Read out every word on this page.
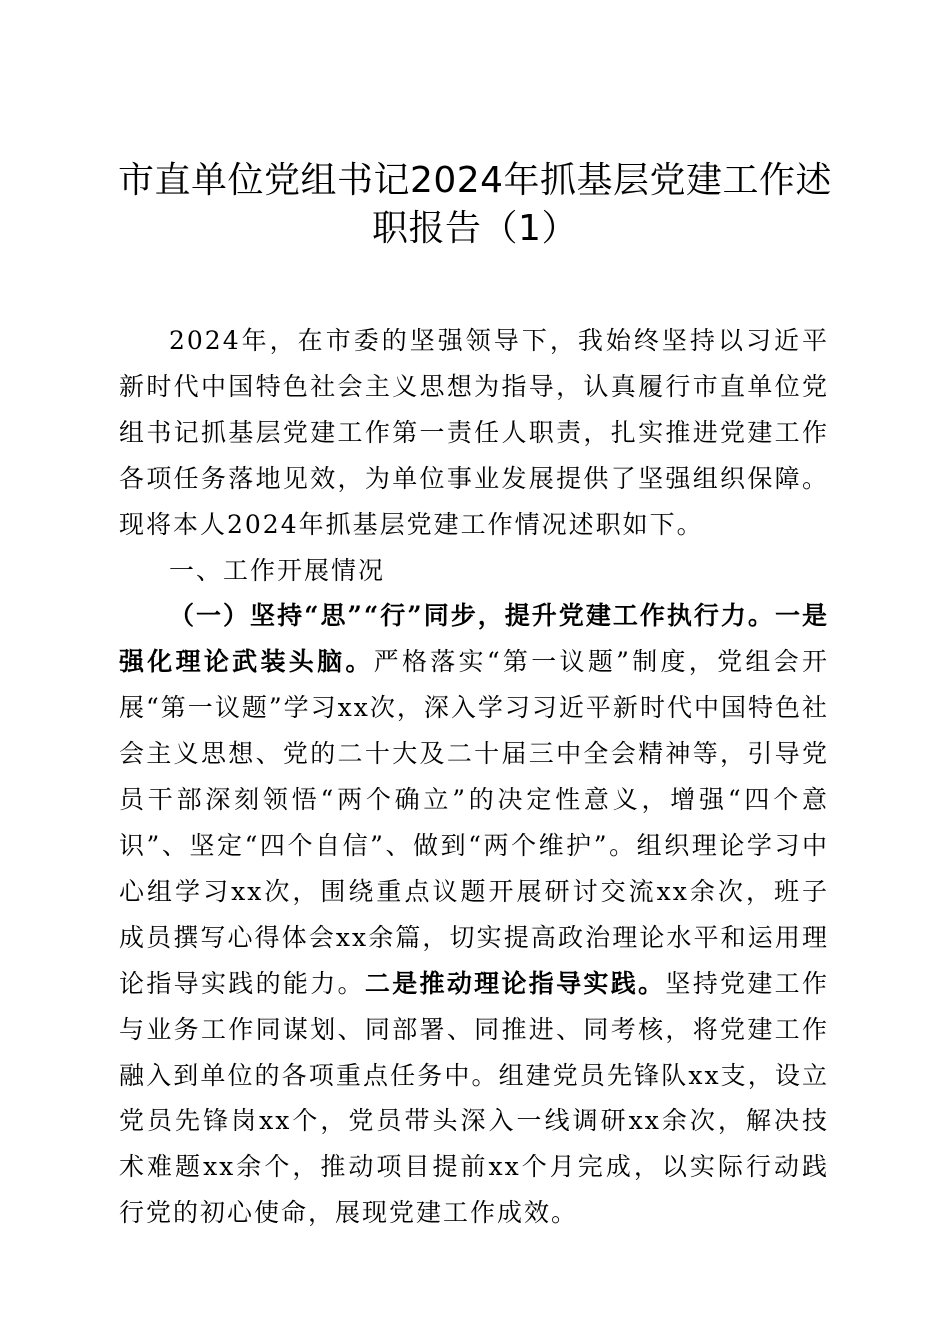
市直单位党组书记2024年抓基层党建工作述职报告（1）

2024年，在市委的坚强领导下，我始终坚持以习近平新时代中国特色社会主义思想为指导，认真履行市直单位党组书记抓基层党建工作第一责任人职责，扎实推进党建工作各项任务落地见效，为单位事业发展提供了坚强组织保障。现将本人2024年抓基层党建工作情况述职如下。

一、工作开展情况

（一）坚持“思”“行”同步，提升党建工作执行力。一是强化理论武装头脑。严格落实“第一议题”制度，党组会开展“第一议题”学习xx次，深入学习习近平新时代中国特色社会主义思想、党的二十大及二十届三中全会精神等，引导党员干部深刻领悟“两个确立”的决定性意义，增强“四个意识”、坚定“四个自信”、做到“两个维护”。组织理论学习中心组学习xx次，围绕重点议题开展研讨交流xx余次，班子成员撰写心得体会xx余篇，切实提高政治理论水平和运用理论指导实践的能力。二是推动理论指导实践。坚持党建工作与业务工作同谋划、同部署、同推进、同考核，将党建工作融入到单位的各项重点任务中。组建党员先锋队xx支，设立党员先锋岗xx个，党员带头深入一线调研xx余次，解决技术难题xx余个，推动项目提前xx个月完成，以实际行动践行党的初心使命，展现党建工作成效。
